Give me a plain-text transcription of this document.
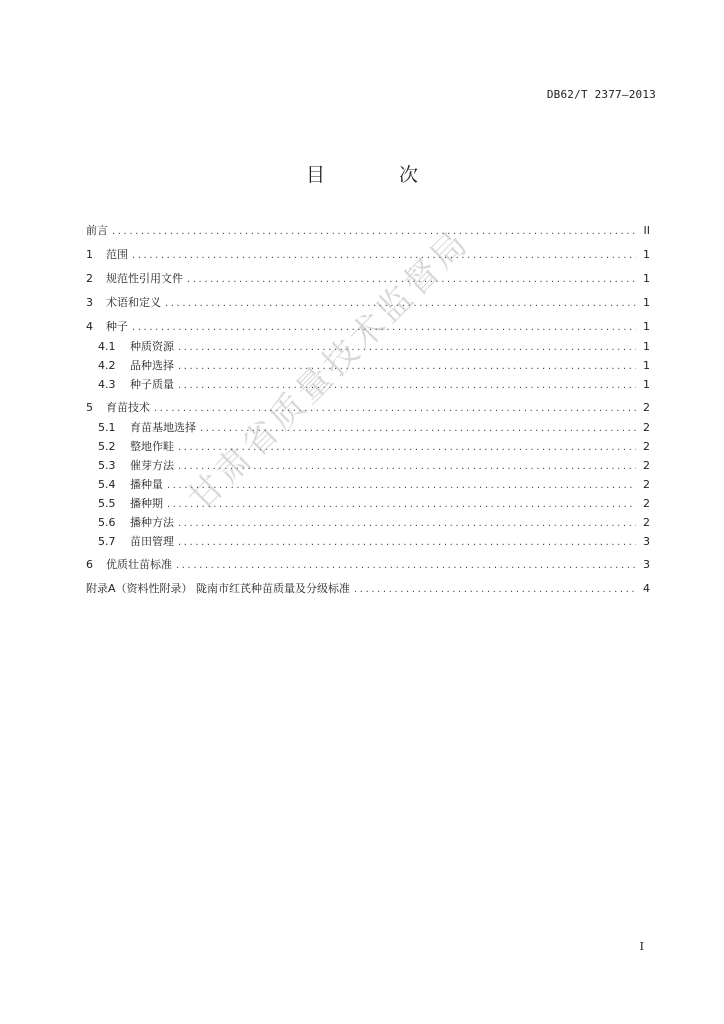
DB62/T 2377—2013
目 次
前言 .....	II
1	范围 .....	1
2	规范性引用文件 .....	1
3	术语和定义 .....	1
4	种子 .....	1
4.1	种质资源 .....	1
4.2	品种选择 .....	1
4.3	种子质量 .....	1
5	育苗技术 .....	2
5.1	育苗基地选择 .....	2
5.2	整地作畦 .....	2
5.3	催芽方法 .....	2
5.4	播种量 .....	2
5.5	播种期 .....	2
5.6	播种方法 .....	2
5.7	苗田管理 .....	3
6	优质壮苗标准 .....	3
附录A（资料性附录） 陇南市红芪种苗质量及分级标准 .....	4
甘肃省质量技术监督局
I
